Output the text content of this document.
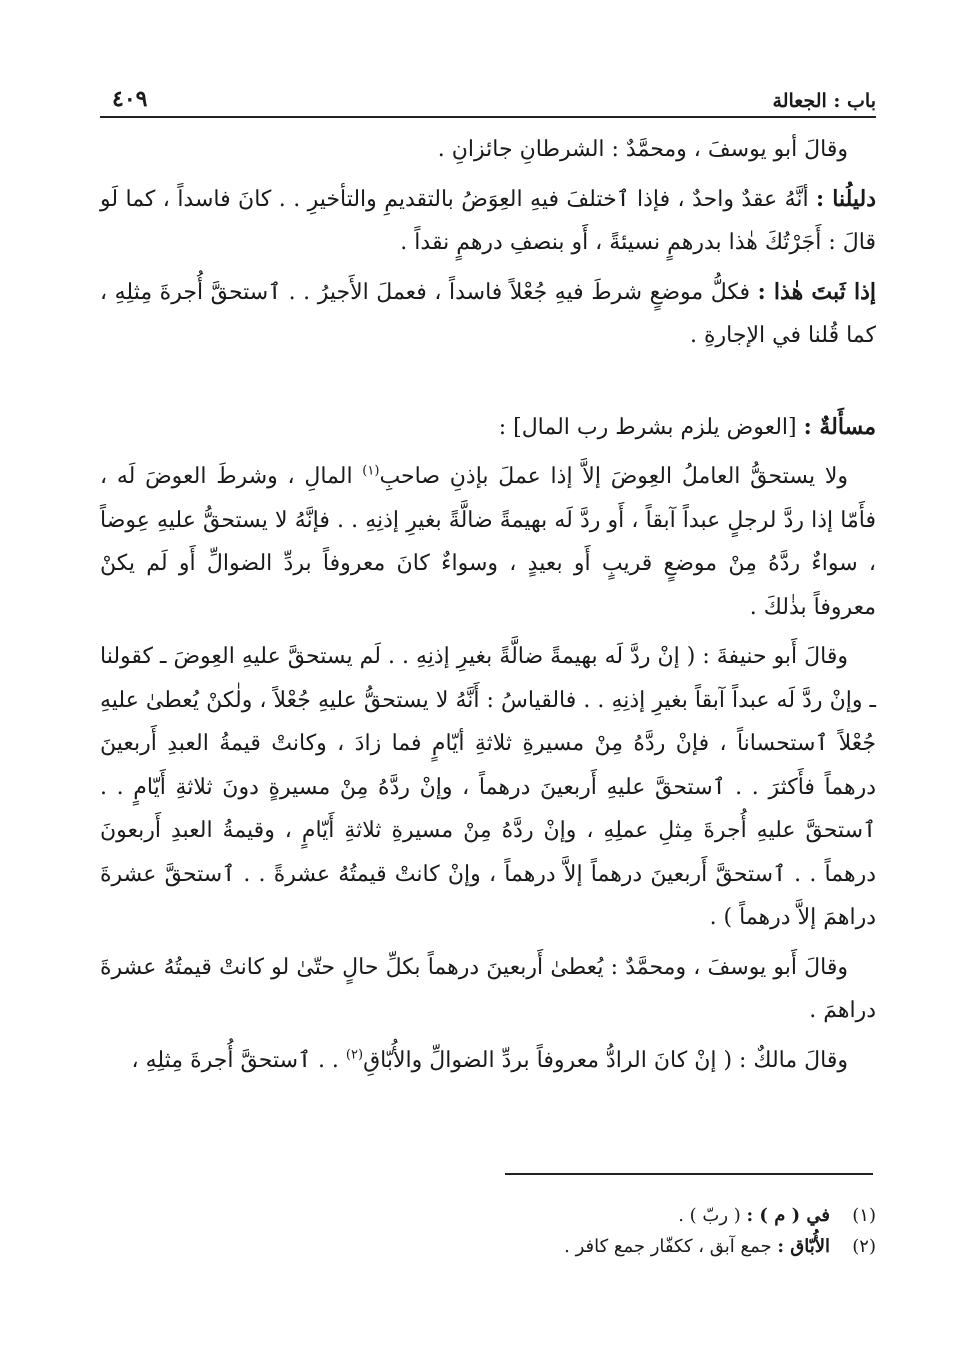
باب : الجعالة
٤٠٩

وقالَ أبو يوسفَ ، ومحمَّدٌ : الشرطانِ جائزانِ .

دليلُنا : أنَّهُ عقدٌ واحدٌ ، فإذا ٱختلفَ فيهِ العِوَضُ بالتقديمِ والتأخيرِ . . كانَ فاسداً ، كما لَو قالَ : أَجَرْتُكَ هٰذا بدرهمٍ نسيئةً ، أَو بنصفِ درهمٍ نقداً .

إذا ثَبتَ هٰذا : فكلُّ موضعٍ شرطَ فيهِ جُعْلاً فاسداً ، فعملَ الأَجيرُ . . ٱستحقَّ أُجرةَ مِثلِهِ ، كما قُلنا في الإجارةِ .

مسأَلةٌ : [العوض يلزم بشرط رب المال] :

ولا يستحقُّ العاملُ العِوضَ إلاَّ إذا عملَ بإذنِ صاحبِ$^{(١)}$ المالِ ، وشرطَ العوضَ لَه ، فأَمّا إذا ردَّ لرجلٍ عبداً آبقاً ، أَو ردَّ لَه بهيمةً ضالَّةً بغيرِ إذنِهِ . . فإنَّهُ لا يستحقُّ عليهِ عِوضاً ، سواءٌ ردَّهُ مِنْ موضعٍ قريبٍ أَو بعيدٍ ، وسواءٌ كانَ معروفاً بردِّ الضوالِّ أَو لَم يكنْ معروفاً بذٰلكَ .

وقالَ أَبو حنيفةَ : ( إنْ ردَّ لَه بهيمةً ضالَّةً بغيرِ إذنِهِ . . لَم يستحقَّ عليهِ العِوضَ ـ كقولنا ـ وإنْ ردَّ لَه عبداً آبقاً بغيرِ إذنِهِ . . فالقياسُ : أَنَّهُ لا يستحقُّ عليهِ جُعْلاً ، ولٰكنْ يُعطىٰ عليهِ جُعْلاً ٱستحساناً ، فإنْ ردَّهُ مِنْ مسيرةِ ثلاثةِ أيّامٍ فما زادَ ، وكانتْ قيمةُ العبدِ أَربعينَ درهماً فأَكثرَ . . ٱستحقَّ عليهِ أَربعينَ درهماً ، وإنْ ردَّهُ مِنْ مسيرةٍ دونَ ثلاثةِ أَيّامٍ . . ٱستحقَّ عليهِ أُجرةَ مِثلِ عملِهِ ، وإنْ ردَّهُ مِنْ مسيرةِ ثلاثةِ أَيّامٍ ، وقيمةُ العبدِ أَربعونَ درهماً . . ٱستحقَّ أَربعينَ درهماً إلاَّ درهماً ، وإنْ كانتْ قيمتُهُ عشرةً . . ٱستحقَّ عشرةَ دراهمَ إلاَّ درهماً ) .

وقالَ أَبو يوسفَ ، ومحمَّدٌ : يُعطىٰ أَربعينَ درهماً بكلِّ حالٍ حتّىٰ لو كانتْ قيمتُهُ عشرةَ دراهمَ .

وقالَ مالكٌ : ( إنْ كانَ الرادُّ معروفاً بردِّ الضوالِّ والأُبّاقِ$^{(٢)}$ . . ٱستحقَّ أُجرةَ مِثلِهِ ،

(١)في ( م ) : ( ربّ ) .

(٢)الأُبّاق : جمع آبق ، ككفّار جمع كافر .
